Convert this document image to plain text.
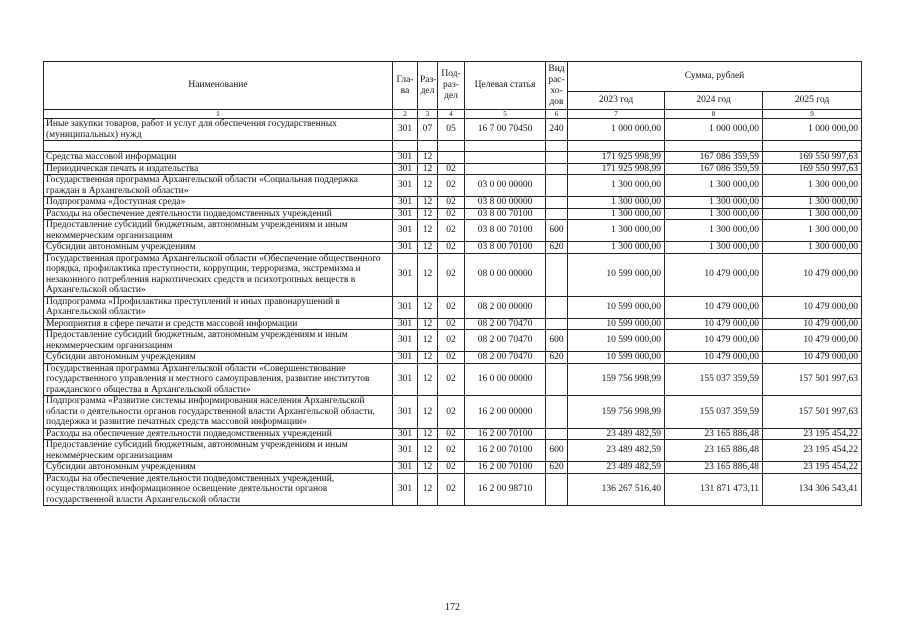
Наименование	Гла-ва	Раз-дел	Под-раз-дел	Целевая статья	Вид рас-хо-дов	Сумма, рублей		
						2023 год	2024 год	2025 год
1	2	3	4	5	6	7	8	9
Иные закупки товаров, работ и услуг для обеспечения государственных (муниципальных) нужд	301	07	05	16 7 00 70450	240	1 000 000,00	1 000 000,00	1 000 000,00

Средства массовой информации	301	12				171 925 998,99	167 086 359,59	169 550 997,63
Периодическая печать и издательства	301	12	02			171 925 998,99	167 086 359,59	169 550 997,63
Государственная программа Архангельской области «Социальная поддержка граждан в Архангельской области»	301	12	02	03 0 00 00000		1 300 000,00	1 300 000,00	1 300 000,00
Подпрограмма «Доступная среда»	301	12	02	03 8 00 00000		1 300 000,00	1 300 000,00	1 300 000,00
Расходы на обеспечение деятельности подведомственных учреждений	301	12	02	03 8 00 70100		1 300 000,00	1 300 000,00	1 300 000,00
Предоставление субсидий бюджетным, автономным учреждениям и иным некоммерческим организациям	301	12	02	03 8 00 70100	600	1 300 000,00	1 300 000,00	1 300 000,00
Субсидии автономным учреждениям	301	12	02	03 8 00 70100	620	1 300 000,00	1 300 000,00	1 300 000,00
Государственная программа Архангельской области «Обеспечение общественного порядка, профилактика преступности, коррупции, терроризма, экстремизма и незаконного потребления наркотических средств и психотропных веществ в Архангельской области»	301	12	02	08 0 00 00000		10 599 000,00	10 479 000,00	10 479 000,00
Подпрограмма «Профилактика преступлений и иных правонарушений в Архангельской области»	301	12	02	08 2 00 00000		10 599 000,00	10 479 000,00	10 479 000,00
Мероприятия в сфере печати и средств массовой информации	301	12	02	08 2 00 70470		10 599 000,00	10 479 000,00	10 479 000,00
Предоставление субсидий бюджетным, автономным учреждениям и иным некоммерческим организациям	301	12	02	08 2 00 70470	600	10 599 000,00	10 479 000,00	10 479 000,00
Субсидии автономным учреждениям	301	12	02	08 2 00 70470	620	10 599 000,00	10 479 000,00	10 479 000,00
Государственная программа Архангельской области «Совершенствование государственного управления и местного самоуправления, развитие институтов гражданского общества в Архангельской области»	301	12	02	16 0 00 00000		159 756 998,99	155 037 359,59	157 501 997,63
Подпрограмма «Развитие системы информирования населения Архангельской области о деятельности органов государственной власти Архангельской области, поддержка и развитие печатных средств массовой информации»	301	12	02	16 2 00 00000		159 756 998,99	155 037 359,59	157 501 997,63
Расходы на обеспечение деятельности подведомственных учреждений	301	12	02	16 2 00 70100		23 489 482,59	23 165 886,48	23 195 454,22
Предоставление субсидий бюджетным, автономным учреждениям и иным некоммерческим организациям	301	12	02	16 2 00 70100	600	23 489 482,59	23 165 886,48	23 195 454,22
Субсидии автономным учреждениям	301	12	02	16 2 00 70100	620	23 489 482,59	23 165 886,48	23 195 454,22
Расходы на обеспечение деятельности подведомственных учреждений, осуществляющих информационное освещение деятельности органов государственной власти Архангельской области	301	12	02	16 2 00 98710		136 267 516,40	131 871 473,11	134 306 543,41
172
